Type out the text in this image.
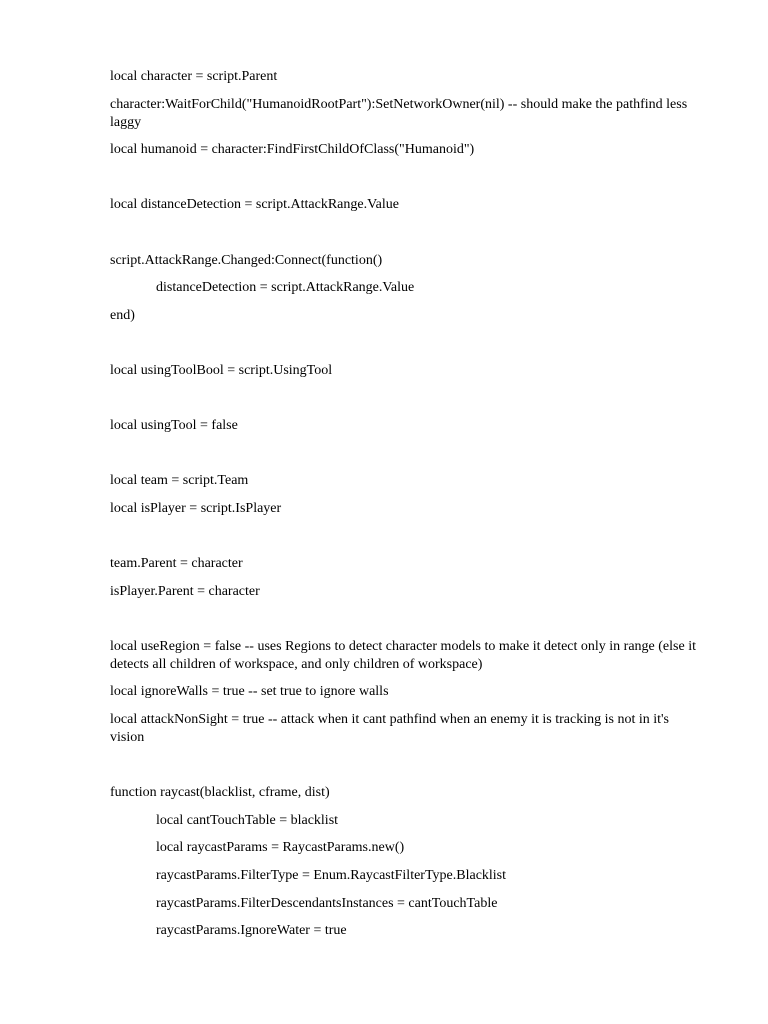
local character = script.Parent
character:WaitForChild("HumanoidRootPart"):SetNetworkOwner(nil) -- should make the pathfind less laggy
local humanoid = character:FindFirstChildOfClass("Humanoid")
local distanceDetection = script.AttackRange.Value
script.AttackRange.Changed:Connect(function()
distanceDetection = script.AttackRange.Value
end)
local usingToolBool = script.UsingTool
local usingTool = false
local team = script.Team
local isPlayer = script.IsPlayer
team.Parent = character
isPlayer.Parent = character
local useRegion = false -- uses Regions to detect character models to make it detect only in range (else it detects all children of workspace, and only children of workspace)
local ignoreWalls = true -- set true to ignore walls
local attackNonSight = true -- attack when it cant pathfind when an enemy it is tracking is not in it's vision
function raycast(blacklist, cframe, dist)
local cantTouchTable = blacklist
local raycastParams = RaycastParams.new()
raycastParams.FilterType = Enum.RaycastFilterType.Blacklist
raycastParams.FilterDescendantsInstances = cantTouchTable
raycastParams.IgnoreWater = true
